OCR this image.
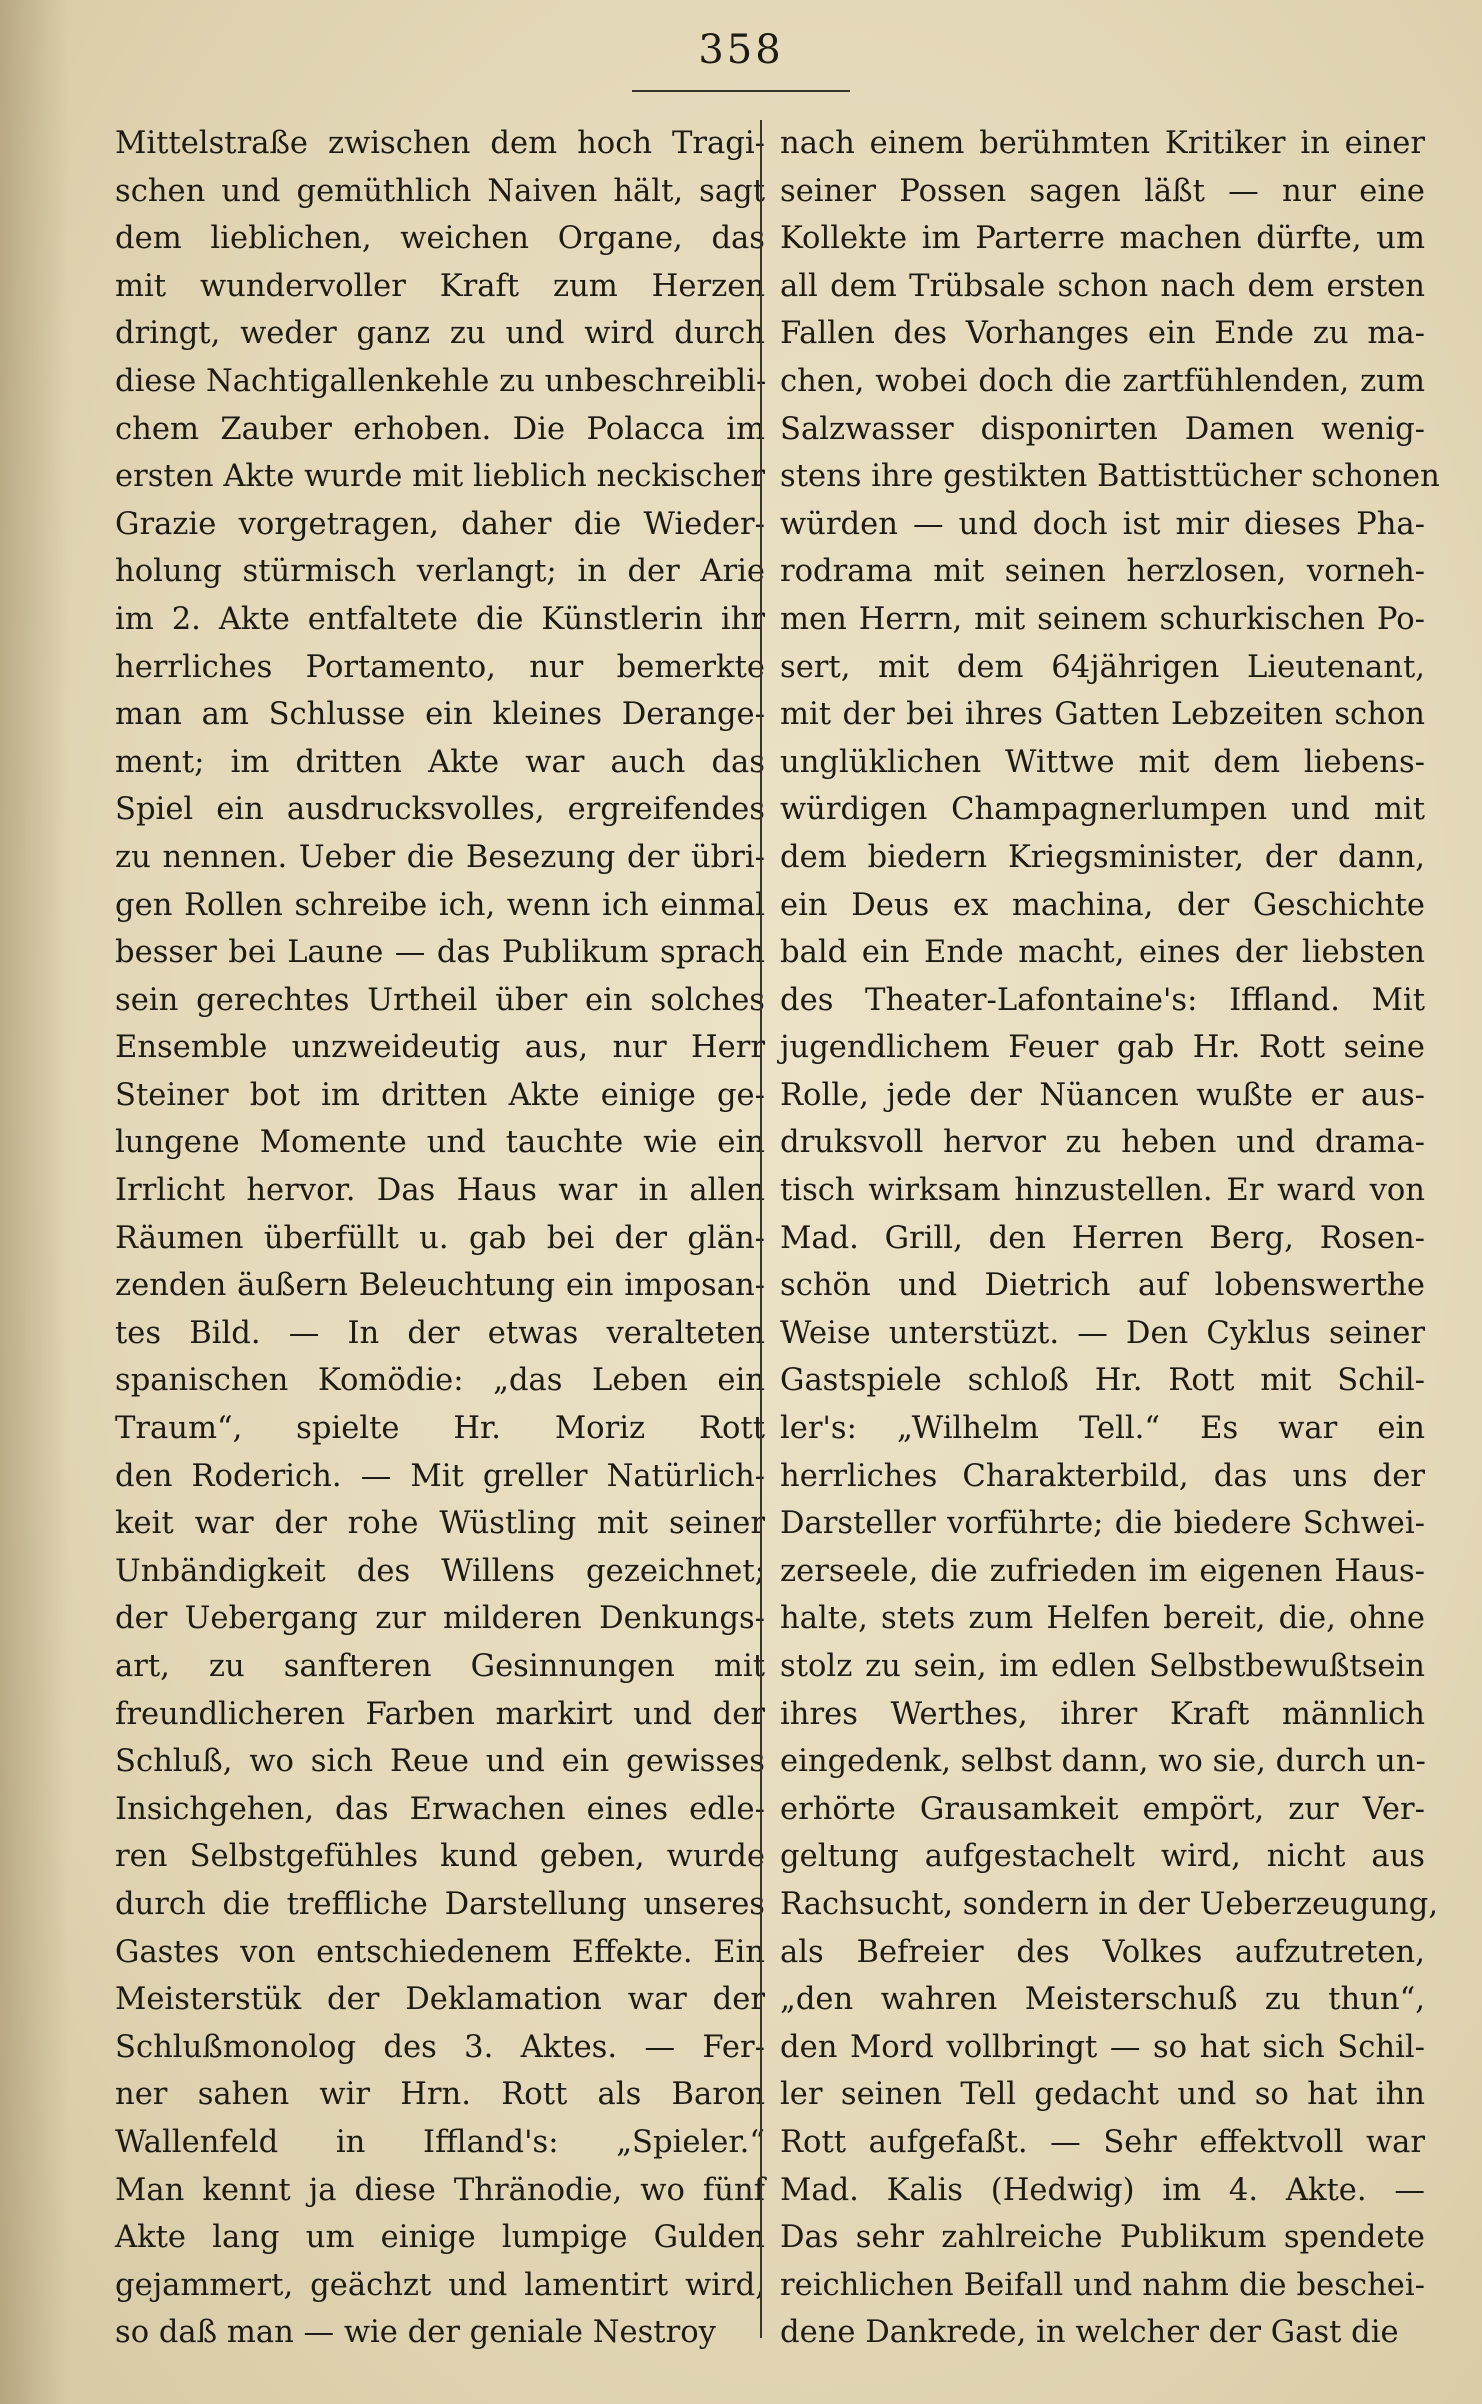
358
Mittelstraße zwischen dem hoch Tragi-
schen und gemüthlich Naiven hält, sagt
dem lieblichen, weichen Organe, das
mit wundervoller Kraft zum Herzen
dringt, weder ganz zu und wird durch
diese Nachtigallenkehle zu unbeschreibli-
chem Zauber erhoben. Die Polacca im
ersten Akte wurde mit lieblich neckischer
Grazie vorgetragen, daher die Wieder-
holung stürmisch verlangt; in der Arie
im 2. Akte entfaltete die Künstlerin ihr
herrliches Portamento, nur bemerkte
man am Schlusse ein kleines Derange-
ment; im dritten Akte war auch das
Spiel ein ausdrucksvolles, ergreifendes
zu nennen. Ueber die Besezung der übri-
gen Rollen schreibe ich, wenn ich einmal
besser bei Laune — das Publikum sprach
sein gerechtes Urtheil über ein solches
Ensemble unzweideutig aus, nur Herr
Steiner bot im dritten Akte einige ge-
lungene Momente und tauchte wie ein
Irrlicht hervor. Das Haus war in allen
Räumen überfüllt u. gab bei der glän-
zenden äußern Beleuchtung ein imposan-
tes Bild. — In der etwas veralteten
spanischen Komödie: „das Leben ein
Traum“, spielte Hr. Moriz Rott
den Roderich. — Mit greller Natürlich-
keit war der rohe Wüstling mit seiner
Unbändigkeit des Willens gezeichnet;
der Uebergang zur milderen Denkungs-
art, zu sanfteren Gesinnungen mit
freundlicheren Farben markirt und der
Schluß, wo sich Reue und ein gewisses
Insichgehen, das Erwachen eines edle-
ren Selbstgefühles kund geben, wurde
durch die treffliche Darstellung unseres
Gastes von entschiedenem Effekte. Ein
Meisterstük der Deklamation war der
Schlußmonolog des 3. Aktes. — Fer-
ner sahen wir Hrn. Rott als Baron
Wallenfeld in Iffland's: „Spieler.“
Man kennt ja diese Thränodie, wo fünf
Akte lang um einige lumpige Gulden
gejammert, geächzt und lamentirt wird,
so daß man — wie der geniale Nestroy
nach einem berühmten Kritiker in einer
seiner Possen sagen läßt — nur eine
Kollekte im Parterre machen dürfte, um
all dem Trübsale schon nach dem ersten
Fallen des Vorhanges ein Ende zu ma-
chen, wobei doch die zartfühlenden, zum
Salzwasser disponirten Damen wenig-
stens ihre gestikten Battisttücher schonen
würden — und doch ist mir dieses Pha-
rodrama mit seinen herzlosen, vorneh-
men Herrn, mit seinem schurkischen Po-
sert, mit dem 64jährigen Lieutenant,
mit der bei ihres Gatten Lebzeiten schon
unglüklichen Wittwe mit dem liebens-
würdigen Champagnerlumpen und mit
dem biedern Kriegsminister, der dann,
ein Deus ex machina, der Geschichte
bald ein Ende macht, eines der liebsten
des Theater-Lafontaine's: Iffland. Mit
jugendlichem Feuer gab Hr. Rott seine
Rolle, jede der Nüancen wußte er aus-
druksvoll hervor zu heben und drama-
tisch wirksam hinzustellen. Er ward von
Mad. Grill, den Herren Berg, Rosen-
schön und Dietrich auf lobenswerthe
Weise unterstüzt. — Den Cyklus seiner
Gastspiele schloß Hr. Rott mit Schil-
ler's: „Wilhelm Tell.“ Es war ein
herrliches Charakterbild, das uns der
Darsteller vorführte; die biedere Schwei-
zerseele, die zufrieden im eigenen Haus-
halte, stets zum Helfen bereit, die, ohne
stolz zu sein, im edlen Selbstbewußtsein
ihres Werthes, ihrer Kraft männlich
eingedenk, selbst dann, wo sie, durch un-
erhörte Grausamkeit empört, zur Ver-
geltung aufgestachelt wird, nicht aus
Rachsucht, sondern in der Ueberzeugung,
als Befreier des Volkes aufzutreten,
„den wahren Meisterschuß zu thun“,
den Mord vollbringt — so hat sich Schil-
ler seinen Tell gedacht und so hat ihn
Rott aufgefaßt. — Sehr effektvoll war
Mad. Kalis (Hedwig) im 4. Akte. —
Das sehr zahlreiche Publikum spendete
reichlichen Beifall und nahm die beschei-
dene Dankrede, in welcher der Gast die
